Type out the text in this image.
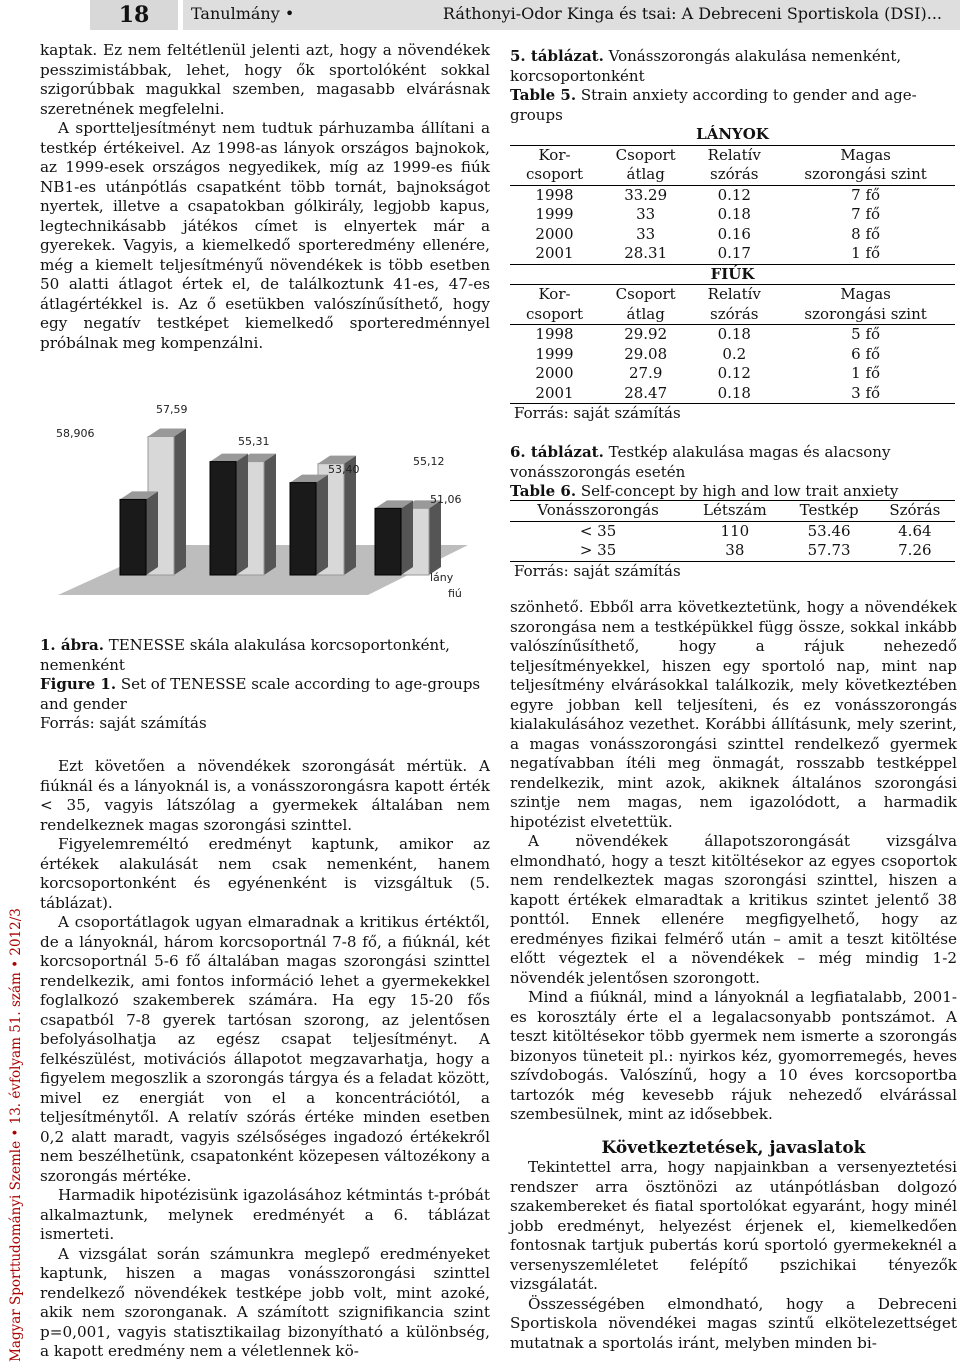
18	Tanulmány •	Ráthonyi-Odor Kinga és tsai: A Debreceni Sportiskola (DSI)...
Magyar Sporttudományi Szemle • 13. évfolyam 51. szám • 2012/3

kaptak. Ez nem feltétlenül jelenti azt, hogy a növendékek pesszimistábbak, lehet, hogy ők sportolóként sokkal szigorúbbak magukkal szemben, magasabb elvárásnak szeretnének megfelelni.

A sportteljesítményt nem tudtuk párhuzamba állítani a testkép értékeivel. Az 1998-as lányok országos bajnokok, az 1999-esek országos negyedikek, míg az 1999-es fiúk NB1-es utánpótlás csapatként több tornát, bajnokságot nyertek, illetve a csapatokban gólkirály, legjobb kapus, legtechnikásabb játékos címet is elnyertek már a gyerekek. Vagyis, a kiemelkedő sporteredmény ellenére, még a kiemelt teljesítményű növendékek is több esetben 50 alatti átlagot értek el, de találkoztunk 41-es, 47-es átlagértékkel is. Az ő esetükben valószínűsíthető, hogy egy negatív testképet kiemelkedő sporteredménnyel próbálnak meg kompenzálni.

58,906
57,59
55,31
53,40
55,12
51,06
lány
fiú
1. ábra. TENESSE skála alakulása korcsoportonként, nemenként
Figure 1. Set of TENESSE scale according to age-groups and gender
Forrás: saját számítás

Ezt követően a növendékek szorongását mértük. A fiúknál és a lányoknál is, a vonásszorongásra kapott érték < 35, vagyis látszólag a gyermekek általában nem rendelkeznek magas szorongási szinttel.

Figyelemreméltó eredményt kaptunk, amikor az értékek alakulását nem csak nemenként, hanem korcsoportonként és egyénenként is vizsgáltuk (5. táblázat).

A csoportátlagok ugyan elmaradnak a kritikus értéktől, de a lányoknál, három korcsoportnál 7-8 fő, a fiúknál, két korcsoportnál 5-6 fő általában magas szorongási szinttel rendelkezik, ami fontos információ lehet a gyermekekkel foglalkozó szakemberek számára. Ha egy 15-20 fős csapatból 7-8 gyerek tartósan szorong, az jelentősen befolyásolhatja az egész csapat teljesítményt. A felkészülést, motivációs állapotot megzavarhatja, hogy a figyelem megoszlik a szorongás tárgya és a feladat között, mivel ez energiát von el a koncentrációtól, a teljesítménytől. A relatív szórás értéke minden esetben 0,2 alatt maradt, vagyis szélsőséges ingadozó értékekről nem beszélhetünk, csapatonként közepesen változékony a szorongás mértéke.

Harmadik hipotézisünk igazolásához kétmintás t-próbát alkalmaztunk, melynek eredményét a 6. táblázat ismerteti.

A vizsgálat során számunkra meglepő eredményeket kaptunk, hiszen a magas vonásszorongási szinttel rendelkező növendékek testképe jobb volt, mint azoké, akik nem szoronganak. A számított szignifikancia szint p=0,001, vagyis statisztikailag bizonyítható a különbség, a kapott eredmény nem a véletlennek kö-

5. táblázat. Vonásszorongás alakulása nemenként, korcsoportonként
Table 5. Strain anxiety according to gender and age-groups
LÁNYOK			
Kor-	Csoport	Relatív	Magas
csoport	átlag	szórás	szorongási szint
1998	33.29	0.12	7 fő
1999	33	0.18	7 fő
2000	33	0.16	8 fő
2001	28.31	0.17	1 fő
FIÚK			
Kor-	Csoport	Relatív	Magas
csoport	átlag	szórás	szorongási szint
1998	29.92	0.18	5 fő
1999	29.08	0.2	6 fő
2000	27.9	0.12	1 fő
2001	28.47	0.18	3 fő
Forrás: saját számítás			
6. táblázat. Testkép alakulása magas és alacsony vonásszorongás esetén
Table 6. Self-concept by high and low trait anxiety
Vonásszorongás	Létszám	Testkép	Szórás
< 35	110	53.46	4.64
> 35	38	57.73	7.26
Forrás: saját számítás			

szönhető. Ebből arra következtetünk, hogy a növendékek szorongása nem a testképükkel függ össze, sokkal inkább valószínűsíthető, hogy a rájuk nehezedő teljesítményekkel, hiszen egy sportoló nap, mint nap teljesítmény elvárásokkal találkozik, mely következtében egyre jobban kell teljesíteni, és ez vonásszorongás kialakulásához vezethet. Korábbi állításunk, mely szerint, a magas vonásszorongási szinttel rendelkező gyermek negatívabban ítéli meg önmagát, rosszabb testképpel rendelkezik, mint azok, akiknek általános szorongási szintje nem magas, nem igazolódott, a harmadik hipotézist elvetettük.

A növendékek állapotszorongását vizsgálva elmondható, hogy a teszt kitöltésekor az egyes csoportok nem rendelkeztek magas szorongási szinttel, hiszen a kapott értékek elmaradtak a kritikus szintet jelentő 38 ponttól. Ennek ellenére megfigyelhető, hogy az eredményes fizikai felmérő után – amit a teszt kitöltése előtt végeztek el a növendékek – még mindig 1-2 növendék jelentősen szorongott.

Mind a fiúknál, mind a lányoknál a legfiatalabb, 2001-es korosztály érte el a legalacsonyabb pontszámot. A teszt kitöltésekor több gyermek nem ismerte a szorongás bizonyos tüneteit pl.: nyirkos kéz, gyomorremegés, heves szívdobogás. Valószínű, hogy a 10 éves korcsoportba tartozók még kevesebb rájuk nehezedő elvárással szembesülnek, mint az idősebbek.

Következtetések, javaslatok

Tekintettel arra, hogy napjainkban a versenyeztetési rendszer arra ösztönözi az utánpótlásban dolgozó szakembereket és fiatal sportolókat egyaránt, hogy minél jobb eredményt, helyezést érjenek el, kiemelkedően fontosnak tartjuk pubertás korú sportoló gyermekeknél a versenyszemléletet felépítő pszichikai tényezők vizsgálatát.

Összességében elmondható, hogy a Debreceni Sportiskola növendékei magas szintű elkötelezettséget mutatnak a sportolás iránt, melyben minden bi-
